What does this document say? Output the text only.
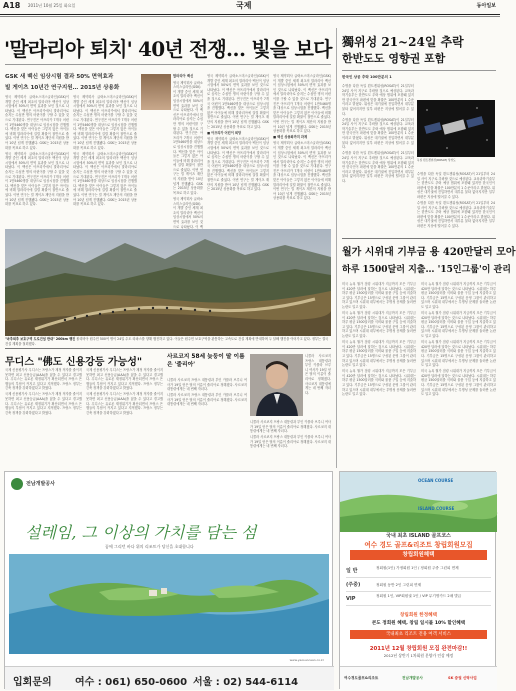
A18 2011년 10월 25일 화요일	국제	동아일보
'말라리아 퇴치' 40년 전쟁… 빛을 보다
GSK 새 백신 임상시험 결과 50% 면역효과
빌 게이츠 10년간 연구지원… 2015년 상용화

영국 제약회사 글락소스미스클라인(GSK)이 개발 중인 세계 최초의 말라리아 백신이 임상시험에서 50%의 면역 효과를 보인 것으로 나타났다. 이 백신은 아프리카에서 말라리아로 숨지는 수십만 명의 어린이를 구할 수 있을 것으로 기대된다. 연구진은 아프리카 7개국 어린이 1만5460명을 대상으로 임상시험을 진행했다. 백신을 맞은 아이들은 그렇지 않은 아이들에 비해 말라리아에 걸릴 확률이 절반으로 줄었다. 이번 연구는 빌 게이츠 재단의 지원을 받아 10년 넘게 진행됐다. GSK는 2015년 상용화를 목표로 하고 있다.

영국 제약회사 글락소스미스클라인(GSK)이 개발 중인 세계 최초의 말라리아 백신이 임상시험에서 50%의 면역 효과를 보인 것으로 나타났다. 이 백신은 아프리카에서 말라리아로 숨지는 수십만 명의 어린이를 구할 수 있을 것으로 기대된다. 연구진은 아프리카 7개국 어린이 1만5460명을 대상으로 임상시험을 진행했다. 백신을 맞은 아이들은 그렇지 않은 아이들에 비해 말라리아에 걸릴 확률이 절반으로 줄었다. 이번 연구는 빌 게이츠 재단의 지원을 받아 10년 넘게 진행됐다. GSK는 2015년 상용화를 목표로 하고 있다.

영국 제약회사 글락소스미스클라인(GSK)이 개발 중인 세계 최초의 말라리아 백신이 임상시험에서 50%의 면역 효과를 보인 것으로 나타났다. 이 백신은 아프리카에서 말라리아로 숨지는 수십만 명의 어린이를 구할 수 있을 것으로 기대된다. 연구진은 아프리카 7개국 어린이 1만5460명을 대상으로 임상시험을 진행했다. 백신을 맞은 아이들은 그렇지 않은 아이들에 비해 말라리아에 걸릴 확률이 절반으로 줄었다. 이번 연구는 빌 게이츠 재단의 지원을 받아 10년 넘게 진행됐다. GSK는 2015년 상용화를 목표로 하고 있다.

영국 제약회사 글락소스미스클라인(GSK)이 개발 중인 세계 최초의 말라리아 백신이 임상시험에서 50%의 면역 효과를 보인 것으로 나타났다. 이 백신은 아프리카에서 말라리아로 숨지는 수십만 명의 어린이를 구할 수 있을 것으로 기대된다. 연구진은 아프리카 7개국 어린이 1만5460명을 대상으로 임상시험을 진행했다. 백신을 맞은 아이들은 그렇지 않은 아이들에 비해 말라리아에 걸릴 확률이 절반으로 줄었다. 이번 연구는 빌 게이츠 재단의 지원을 받아 10년 넘게 진행됐다. GSK는 2015년 상용화를 목표로 하고 있다.

말라리아 백신

영국 제약회사 글락소스미스클라인(GSK)이 개발 중인 세계 최초의 말라리아 백신이 임상시험에서 50%의 면역 효과를 보인 것으로 나타났다. 이 백신은 아프리카에서 말라리아로 숨지는 수십만 명의 어린이를 구할 수 있을 것으로 기대된다. 연구진은 아프리카 7개국 어린이 1만5460명을 대상으로 임상시험을 진행했다. 백신을 맞은 아이들은 그렇지 않은 아이들에 비해 말라리아에 걸릴 확률이 절반으로 줄었다. 이번 연구는 빌 게이츠 재단의 지원을 받아 10년 넘게 진행됐다. GSK는 2015년 상용화를 목표로 하고 있다.

영국 제약회사 글락소스미스클라인(GSK)이 개발 중인 세계 최초의 말라리아 백신이 임상시험에서 50%의 면역 효과를 보인 것으로 나타났다. 이 백

영국 제약회사 글락소스미스클라인(GSK)이 개발 중인 세계 최초의 말라리아 백신이 임상시험에서 50%의 면역 효과를 보인 것으로 나타났다. 이 백신은 아프리카에서 말라리아로 숨지는 수십만 명의 어린이를 구할 수 있을 것으로 기대된다. 연구진은 아프리카 7개국 어린이 1만5460명을 대상으로 임상시험을 진행했다. 백신을 맞은 아이들은 그렇지 않은 아이들에 비해 말라리아에 걸릴 확률이 절반으로 줄었다. 이번 연구는 빌 게이츠 재단의 지원을 받아 10년 넘게 진행됐다. GSK는 2015년 상용화를 목표로 하고 있다.

■ 아프리카 어린이 희망

영국 제약회사 글락소스미스클라인(GSK)이 개발 중인 세계 최초의 말라리아 백신이 임상시험에서 50%의 면역 효과를 보인 것으로 나타났다. 이 백신은 아프리카에서 말라리아로 숨지는 수십만 명의 어린이를 구할 수 있을 것으로 기대된다. 연구진은 아프리카 7개국 어린이 1만5460명을 대상으로 임상시험을 진행했다. 백신을 맞은 아이들은 그렇지 않은 아이들에 비해 말라리아에 걸릴 확률이 절반으로 줄었다. 이번 연구는 빌 게이츠 재단의 지원을 받아 10년 넘게 진행됐다. GSK는 2015년 상용화를 목표로 하고 있다.

영국 제약회사 글락소스미스클라인(GSK)이 개발 중인 세계 최초의 말라리아 백신이 임상시험에서 50%의 면역 효과를 보인 것으로 나타났다. 이 백신은 아프리카에서 말라리아로 숨지는 수십만 명의 어린이를 구할 수 있을 것으로 기대된다. 연구진은 아프리카 7개국 어린이 1만5460명을 대상으로 임상시험을 진행했다. 백신을 맞은 아이들은 그렇지 않은 아이들에 비해 말라리아에 걸릴 확률이 절반으로 줄었다. 이번 연구는 빌 게이츠 재단의 지원을 받아 10년 넘게 진행됐다. GSK는 2015년 상용화를 목표로 하고 있다.

■ 백신 상용화까지 과제

영국 제약회사 글락소스미스클라인(GSK)이 개발 중인 세계 최초의 말라리아 백신이 임상시험에서 50%의 면역 효과를 보인 것으로 나타났다. 이 백신은 아프리카에서 말라리아로 숨지는 수십만 명의 어린이를 구할 수 있을 것으로 기대된다. 연구진은 아프리카 7개국 어린이 1만5460명을 대상으로 임상시험을 진행했다. 백신을 맞은 아이들은 그렇지 않은 아이들에 비해 말라리아에 걸릴 확률이 절반으로 줄었다. 이번 연구는 빌 게이츠 재단의 지원을 받아 10년 넘게 진행됐다. GSK는 2015년 상용화를 목표로 하고 있다.

"마추픽추 보호구역 도로건설 반대" 200km 행진 볼리비아 원주민 500여 명이 24일 수도 라파스를 향해 행진하고 있다. 이들은 원주민 보호구역을 관통하는 고속도로 건설 계획에 반대하며 두 달째 행진을 이어가고 있다. 정부는 결국 건설 계획을 철회했다.
獨위성 21~24일 추락
한반도도 영향권 포함
한국인 상공 추락 100만분의 1

수명을 다한 독일 뢴트겐위성(ROSAT)이 21일부터 24일 사이 지구로 추락할 것으로 예상된다. 교육과학기술부는 한반도도 추락 예상 범위에 포함돼 있지만 한국인이 파편에 맞을 확률은 100만분의 1 수준이라고 밝혔다. 위성은 대기권에 진입하면서 대부분 불타 없어지지만 일부 파편은 지상에 떨어질 수 있다.

수명을 다한 독일 뢴트겐위성(ROSAT)이 21일부터 24일 사이 지구로 추락할 것으로 예상된다. 교육과학기술부는 한반도도 추락 예상 범위에 포함돼 있지만 한국인이 파편에 맞을 확률은 100만분의 1 수준이라고 밝혔다. 위성은 대기권에 진입하면서 대부분 불타 없어지지만 일부 파편은 지상에 떨어질 수 있다.

수명을 다한 독일 뢴트겐위성(ROSAT)이 21일부터 24일 사이 지구로 추락할 것으로 예상된다. 교육과학기술부는 한반도도 추락 예상 범위에 포함돼 있지만 한국인이 파편에 맞을 확률은 100만분의 1 수준이라고 밝혔다. 위성은 대기권에 진입하면서 대부분 불타 없어지지만 일부 파편은 지상에 떨어질 수 있다.

독일 뢴트겐위성(ROSAT) 상상도

수명을 다한 독일 뢴트겐위성(ROSAT)이 21일부터 24일 사이 지구로 추락할 것으로 예상된다. 교육과학기술부는 한반도도 추락 예상 범위에 포함돼 있지만 한국인이 파편에 맞을 확률은 100만분의 1 수준이라고 밝혔다. 위성은 대기권에 진입하면서 대부분 불타 없어지지만 일부 파편은 지상에 떨어질 수 있다.

수명을 다한 독일 뢴트겐위성(ROSAT)이 21일부터 24일 사이 지구로 추락할 것으로 예상된다. 교육과학기술부는 한반도도 추락 예상 범위에 포함돼 있지만 한국인이 파편에 맞을 확률은 100만분의 1 수준이라고 밝혔다. 위성은 대기권에 진입하면서 대부분 불타 없어지지만 일부 파편은 지상에 떨어질 수 있다.

월가 시위대 기부금 용 420만달러 모아
하루 1500달러 지출… '15인그룹'이 관리

미국 뉴욕 월가 점령 시위대가 지금까지 모은 기부금이 420만 달러에 달하는 것으로 나타났다. 시위대는 하루 평균 1500달러를 식비와 물품 구입 등에 지출하고 있다. 기부금은 15명으로 구성된 운영 그룹이 관리하고 있으며 시위대 내부에서는 투명성 문제를 둘러싼 논란도 일고 있다.

미국 뉴욕 월가 점령 시위대가 지금까지 모은 기부금이 420만 달러에 달하는 것으로 나타났다. 시위대는 하루 평균 1500달러를 식비와 물품 구입 등에 지출하고 있다. 기부금은 15명으로 구성된 운영 그룹이 관리하고 있으며 시위대 내부에서는 투명성 문제를 둘러싼 논란도 일고 있다.

미국 뉴욕 월가 점령 시위대가 지금까지 모은 기부금이 420만 달러에 달하는 것으로 나타났다. 시위대는 하루 평균 1500달러를 식비와 물품 구입 등에 지출하고 있다. 기부금은 15명으로 구성된 운영 그룹이 관리하고 있으며 시위대 내부에서는 투명성 문제를 둘러싼 논란도 일고 있다.

미국 뉴욕 월가 점령 시위대가 지금까지 모은 기부금이 420만 달러에 달하는 것으로 나타났다. 시위대는 하루 평균 1500달러를 식비와 물품 구입 등에 지출하고 있다. 기부금은 15명으로 구성된 운영 그룹이 관리하고 있으며 시위대 내부에서는 투명성 문제를 둘러싼 논란도 일고 있다.

미국 뉴욕 월가 점령 시위대가 지금까지 모은 기부금이 420만 달러에 달하는 것으로 나타났다. 시위대는 하루 평균 1500달러를 식비와 물품 구입 등에 지출하고 있다. 기부금은 15명으로 구성된 운영 그룹이 관리하고 있으며 시위대 내부에서는 투명성 문제를 둘러싼 논란도 일고 있다.

미국 뉴욕 월가 점령 시위대가 지금까지 모은 기부금이 420만 달러에 달하는 것으로 나타났다. 시위대는 하루 평균 1500달러를 식비와 물품 구입 등에 지출하고 있다. 기부금은 15명으로 구성된 운영 그룹이 관리하고 있으며 시위대 내부에서는 투명성 문제를 둘러싼 논란도 일고 있다.

미국 뉴욕 월가 점령 시위대가 지금까지 모은 기부금이 420만 달러에 달하는 것으로 나타났다. 시위대는 하루 평균 1500달러를 식비와 물품 구입 등에 지출하고 있다. 기부금은 15명으로 구성된 운영 그룹이 관리하고 있으며 시위대 내부에서는 투명성 문제를 둘러싼 논란도 일고 있다.

미국 뉴욕 월가 점령 시위대가 지금까지 모은 기부금이 420만 달러에 달하는 것으로 나타났다. 시위대는 하루 평균 1500달러를 식비와 물품 구입 등에 지출하고 있다. 기부금은 15명으로 구성된 운영 그룹이 관리하고 있으며 시위대 내부에서는 투명성 문제를 둘러싼 논란도 일고 있다.

무디스 "佛도 신용강등 가능성"

국제 신용평가사 무디스는 프랑스가 재정 적자를 줄이지 못하면 최고 신용등급(AAA)을 잃을 수 있다고 경고했다. 무디스는 유로존 재정위기가 확산되면서 프랑스 은행들의 부담이 커지고 있다고 지적했다. 프랑스 정부는 긴축 정책을 강화하겠다고 밝혔다.

국제 신용평가사 무디스는 프랑스가 재정 적자를 줄이지 못하면 최고 신용등급(AAA)을 잃을 수 있다고 경고했다. 무디스는 유로존 재정위기가 확산되면서 프랑스 은행들의 부담이 커지고 있다고 지적했다. 프랑스 정부는 긴축 정책을 강화하겠다고 밝혔다.

국제 신용평가사 무디스는 프랑스가 재정 적자를 줄이지 못하면 최고 신용등급(AAA)을 잃을 수 있다고 경고했다. 무디스는 유로존 재정위기가 확산되면서 프랑스 은행들의 부담이 커지고 있다고 지적했다. 프랑스 정부는 긴축 정책을 강화하겠다고 밝혔다.

국제 신용평가사 무디스는 프랑스가 재정 적자를 줄이지 못하면 최고 신용등급(AAA)을 잃을 수 있다고 경고했다. 무디스는 유로존 재정위기가 확산되면서 프랑스 은행들의 부담이 커지고 있다고 지적했다. 프랑스 정부는 긴축 정책을 강화하겠다고 밝혔다.

사르코지 58세 늦둥이 딸 이름은 '줄리아'

니콜라 사르코지 프랑스 대통령과 부인 카를라 브루니 여사가 19일 얻은 딸의 이름이 줄리아로 정해졌다. 사르코지 대통령에게는 네 번째 자녀다.

니콜라 사르코지 프랑스 대통령과 부인 카를라 브루니 여사가 19일 얻은 딸의 이름이 줄리아로 정해졌다. 사르코지 대통령에게는 네 번째 자녀다.

니콜라 사르코지 프랑스 대통령과 부인 카를라 브루니 여사가 19일 얻은 딸의 이름이 줄리아로 정해졌다. 사르코지 대통령에게는 네 번째 자녀다.

니콜라 사르코지 프랑스 대통령과 부인 카를라 브루니 여사가 19일 얻은 딸의 이름이 줄리아로 정해졌다. 사르코지 대통령에게는 네 번째 자녀다.

니콜라 사르코지 프랑스 대통령과 부인 카를라 브루니 여사가 19일 얻은 딸의 이름이 줄리아로 정해졌다. 사르코지 대통령에게는 네 번째 자녀다.

전남개발공사
설레임, 그 이상의 가치를 담는 섬
꿈에 그리던 바다 위의 리조트가 당신을 초대합니다
www.yeosuocean.co.kr
입회문의 여수 : 061) 650-0600 서울 : 02) 544-6114
OCEAN COURSE
ISLAND COURSE
국내 최초 ISLAND 골프코스
여수 경도 골프&리조트 창립회원모집
창립회원혜택
일 반	정회원(1인) 가정회원 1인 / 정회원 주중 그린피 면제
(주중)	정회원 동반 2인 그린피 면제
VIP	정회원 1인, VIP회원권 1인 / VIP 무기명카드 2매 발급
창립회원 한정혜택
콘도 정회원 혜택, 창립 일시불 10% 할인혜택
국내최초 리조트 전용 여객 서비스
2011년 12월 창립회원 모집 완전마감!!
2012년 상반기 1차회원 분양가 인상 예정
여수경도골프&리조트	전남개발공사	SK 증권 신탁사업
